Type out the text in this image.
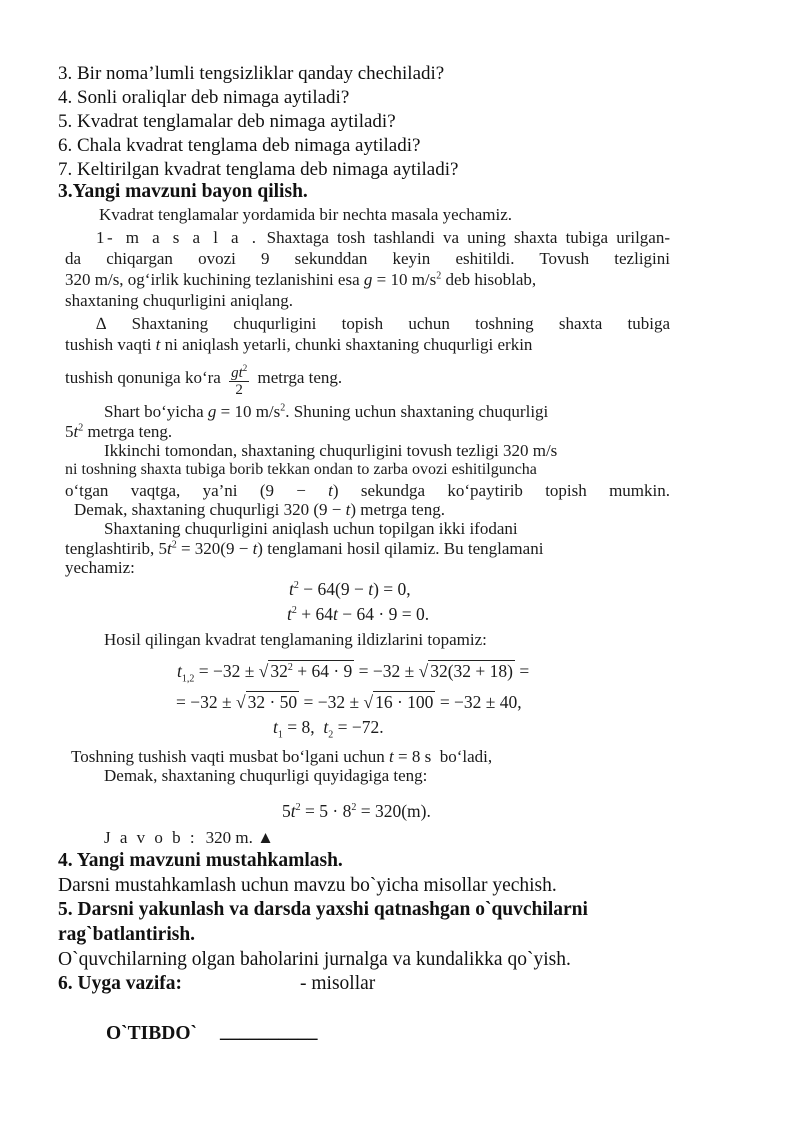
3. Bir noma’lumli tengsizliklar qanday chechiladi?
4. Sonli oraliqlar deb nimaga aytiladi?
5. Kvadrat tenglamalar deb nimaga aytiladi?
6. Chala kvadrat tenglama deb nimaga aytiladi?
7. Keltirilgan kvadrat tenglama deb nimaga aytiladi?
3.Yangi mavzuni bayon qilish.
Kvadrat tenglamalar yordamida bir nechta masala yechamiz.
1- m a s a l a . Shaxtaga tosh tashlandi va uning shaxta tubiga urilgan-
da chiqargan ovozi 9 sekunddan keyin eshitildi. Tovush tezligini
320 m/s, og‘irlik kuchining tezlanishini esa g = 10 $m/s^2$ deb hisoblab,
shaxtaning chuqurligini aniqlang.
∆ Shaxtaning chuqurligini topish uchun toshning shaxta tubiga
tushish vaqti t ni aniqlash yetarli, chunki shaxtaning chuqurligi erkin
tushish qonuniga ko‘ra $\frac{gt^2}{2}$ metrga teng.
Shart bo‘yicha g = 10 $m/s^2$. Shuning uchun shaxtaning chuqurligi
$5t^2$ metrga teng.
Ikkinchi tomondan, shaxtaning chuqurligini tovush tezligi 320 m/s
ni toshning shaxta tubiga borib tekkan ondan to zarba ovozi eshitilguncha
o‘tgan vaqtga, ya’ni (9 − t) sekundga ko‘paytirib topish mumkin.
Demak, shaxtaning chuqurligi 320 (9 − t) metrga teng.
Shaxtaning chuqurligini aniqlash uchun topilgan ikki ifodani
tenglashtirib, $5t^2 = 320(9 - t)$ tenglamani hosil qilamiz. Bu tenglamani
yechamiz:
$t^2 - 64(9 - t) = 0$,
$t^2 + 64t - 64 \cdot 9 = 0$.
Hosil qilingan kvadrat tenglamaning ildizlarini topamiz:
$t_{1,2} = -32$ ± √ $32^2 + 64 \cdot 9 = -32$ ± √ 32(32 + 18) =
= −32 ± √ 32 · 50 = −32 ± √ 16 · 100 = −32 ± 40,
$t_1 = 8$,  $t_2 = -72$.
Toshning tushish vaqti musbat bo‘lgani uchun t = 8 s  bo‘ladi,
Demak, shaxtaning chuqurligi quyidagiga teng:
$5t^2 = 5 \cdot 8^2 = 320(m)$.
J a v o b : 320 m. ▲
4. Yangi mavzuni mustahkamlash.
Darsni mustahkamlash uchun mavzu bo`yicha misollar yechish.
5. Darsni yakunlash va darsda yaxshi qatnashgan o`quvchilarni
rag`batlantirish.
O`quvchilarning olgan baholarini jurnalga va kundalikka qo`yish.
6. Uyga vazifa:	- misollar
O`TIBDO` __________
